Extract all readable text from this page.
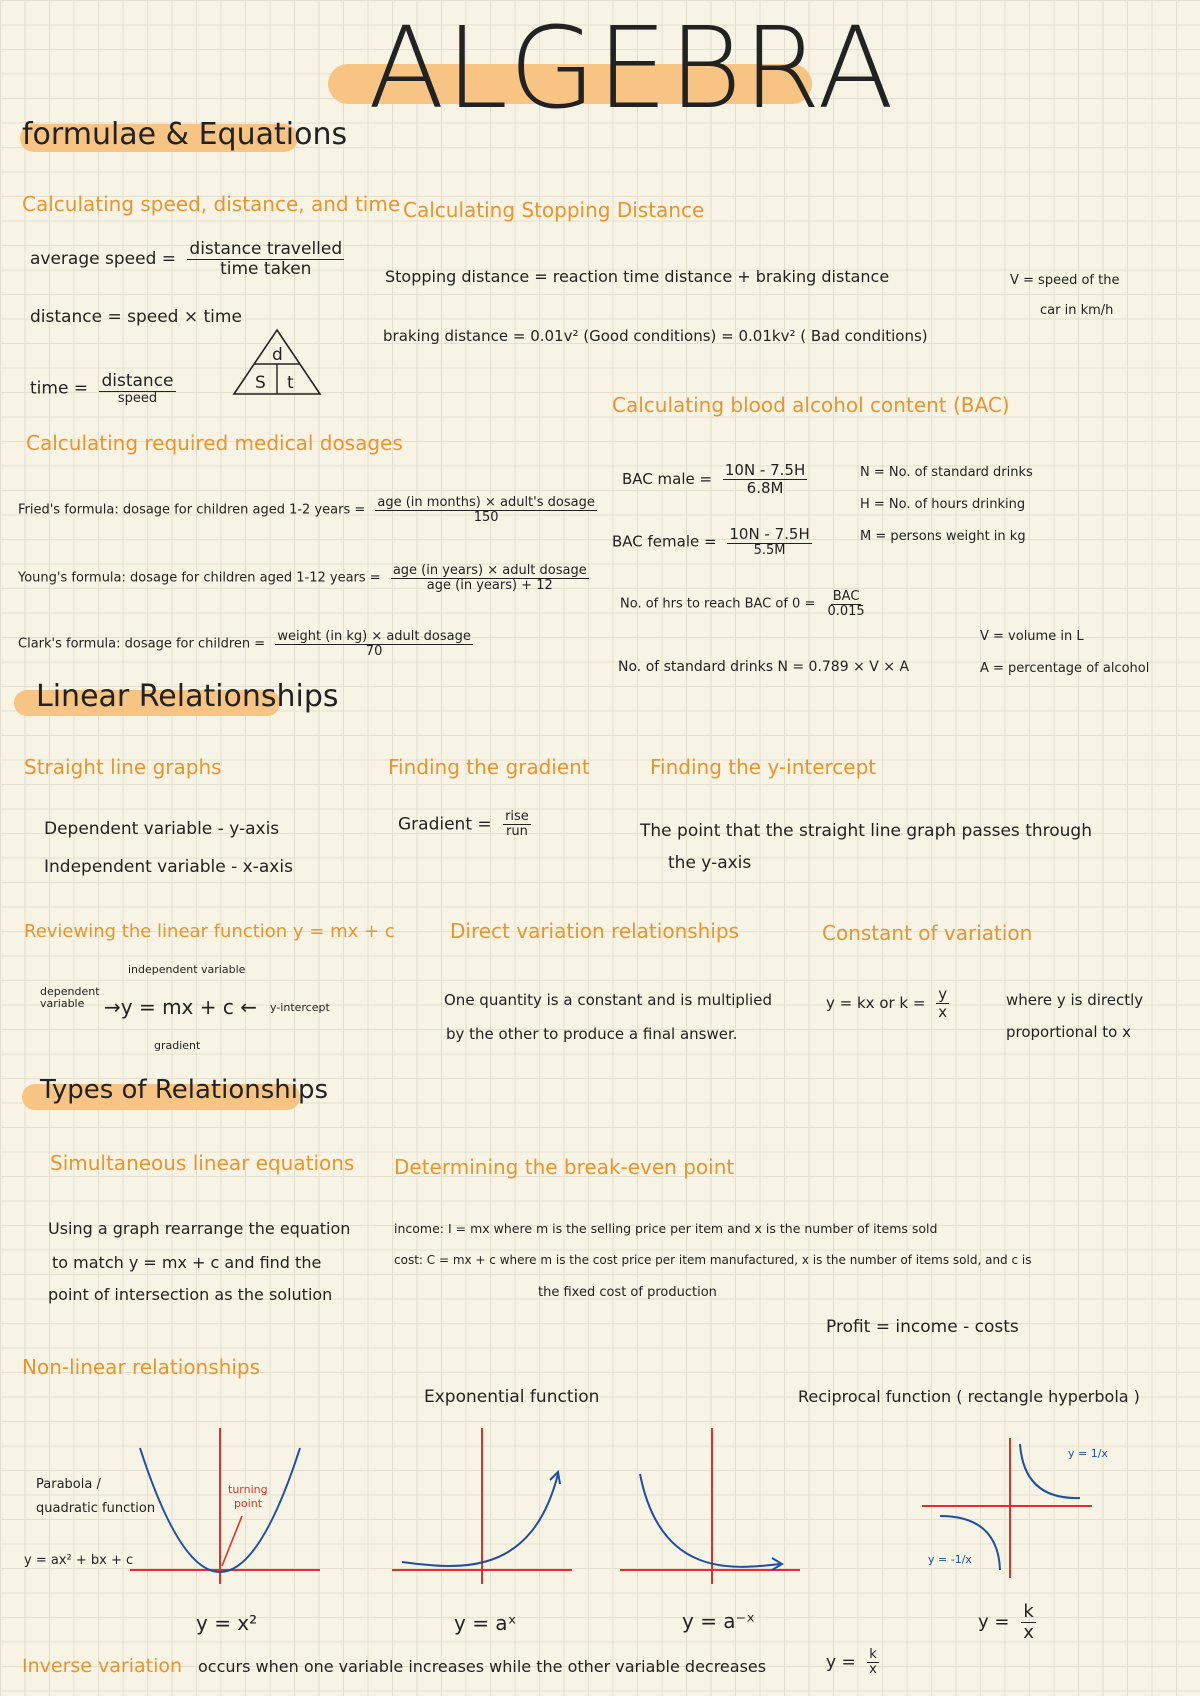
ALGEBRA
formulae & Equations
Calculating speed, distance, and time
average speed = $\frac{\text{distance travelled}}{\text{time taken}}$
distance = speed × time
time = $\frac{\text{distance}}{\text{speed}}$
d
S t
Calculating Stopping Distance
Stopping distance = reaction time distance + braking distance	V = speed of the
car in km/h
braking distance = 0.01v² (Good conditions) = 0.01kv² ( Bad conditions)
Calculating required medical dosages
Fried's formula: dosage for children aged 1-2 years = $\frac{\text{age (in months) × adult's dosage}}{150}$
Young's formula: dosage for children aged 1-12 years = $\frac{\text{age (in years) × adult dosage}}{\text{age (in years) + 12}}$
Clark's formula: dosage for children = $\frac{\text{weight (in kg) × adult dosage}}{70}$
Calculating blood alcohol content (BAC)
BAC male = $\frac{10N - 7.5H}{6.8M}$
BAC female = $\frac{10N - 7.5H}{5.5M}$
N = No. of standard drinks
H = No. of hours drinking
M = persons weight in kg
No. of hrs to reach BAC of $0 = \frac{\text{BAC}}{0.015}$
V = volume in L
No. of standard drinks N = 0.789 × V × A	A = percentage of alcohol
Linear Relationships
Straight line graphs
Dependent variable - y-axis
Independent variable - x-axis
Finding the gradient
Gradient = $\frac{\text{rise}}{\text{run}}$
Finding the y-intercept
The point that the straight line graph passes through
the y-axis
Reviewing the linear function y = mx + c
independent variable
dependent
variable →y = mx + c ← y-intercept
gradient
Direct variation relationships
One quantity is a constant and is multiplied
by the other to produce a final answer.
Constant of variation
y = kx or $k = \frac{y}{x}$	where y is directly
proportional to x
Types of Relationships
Simultaneous linear equations
Using a graph rearrange the equation
to match y = mx + c and find the
point of intersection as the solution
Determining the break-even point
income: I = mx where m is the selling price per item and x is the number of items sold
cost: C = mx + c where m is the cost price per item manufactured, x is the number of items sold, and c is
the fixed cost of production
Profit = income - costs
Non-linear relationships
Exponential function	Reciprocal function ( rectangle hyperbola )
Parabola /
quadratic function
y = ax² + bx + c
turning
point
y = 1/x
y = -1/x
y = x²	y = aˣ	y = a⁻ˣ	$y = \frac{k}{x}$
Inverse variation occurs when one variable increases while the other variable decreases	$y = \frac{k}{x}$
